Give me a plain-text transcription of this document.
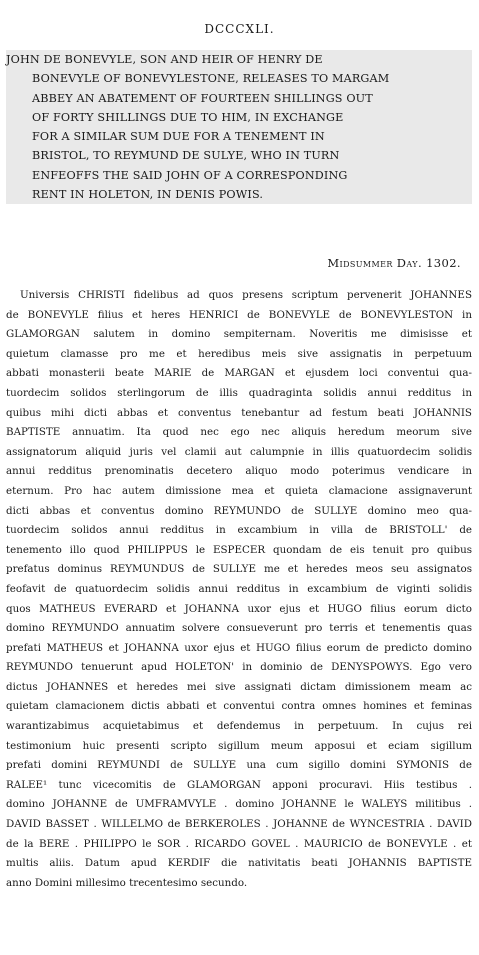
DCCCXLI.
JOHN DE BONEVYLE, SON AND HEIR OF HENRY DE
BONEVYLE OF BONEVYLESTONE, RELEASES TO MARGAM
ABBEY AN ABATEMENT OF FOURTEEN SHILLINGS OUT
OF FORTY SHILLINGS DUE TO HIM, IN EXCHANGE
FOR A SIMILAR SUM DUE FOR A TENEMENT IN
BRISTOL, TO REYMUND DE SULYE, WHO IN TURN
ENFEOFFS THE SAID JOHN OF A CORRESPONDING
RENT IN HOLETON, IN DENIS POWIS.
Midsummer Day. 1302.
Universis CHRISTI fidelibus ad quos presens scriptum pervenerit JOHANNES
de BONEVYLE filius et heres HENRICI de BONEVYLE de BONEVYLESTON in
GLAMORGAN salutem in domino sempiternam. Noveritis me dimisisse et
quietum clamasse pro me et heredibus meis sive assignatis in perpetuum
abbati monasterii beate MARIE de MARGAN et ejusdem loci conventui qua-
tuordecim solidos sterlingorum de illis quadraginta solidis annui redditus in
quibus mihi dicti abbas et conventus tenebantur ad festum beati JOHANNIS
BAPTISTE annuatim. Ita quod nec ego nec aliquis heredum meorum sive
assignatorum aliquid juris vel clamii aut calumpnie in illis quatuordecim solidis
annui redditus prenominatis decetero aliquo modo poterimus vendicare in
eternum. Pro hac autem dimissione mea et quieta clamacione assignaverunt
dicti abbas et conventus domino REYMUNDO de SULLYE domino meo qua-
tuordecim solidos annui redditus in excambium in villa de BRISTOLL' de
tenemento illo quod PHILIPPUS le ESPECER quondam de eis tenuit pro quibus
prefatus dominus REYMUNDUS de SULLYE me et heredes meos seu assignatos
feofavit de quatuordecim solidis annui redditus in excambium de viginti solidis
quos MATHEUS EVERARD et JOHANNA uxor ejus et HUGO filius eorum dicto
domino REYMUNDO annuatim solvere consueverunt pro terris et tenementis quas
prefati MATHEUS et JOHANNA uxor ejus et HUGO filius eorum de predicto domino
REYMUNDO tenuerunt apud HOLETON' in dominio de DENYSPOWYS. Ego vero
dictus JOHANNES et heredes mei sive assignati dictam dimissionem meam ac
quietam clamacionem dictis abbati et conventui contra omnes homines et feminas
warantizabimus acquietabimus et defendemus in perpetuum. In cujus rei
testimonium huic presenti scripto sigillum meum apposui et eciam sigillum
prefati domini REYMUNDI de SULLYE una cum sigillo domini SYMONIS de
RALEE¹ tunc vicecomitis de GLAMORGAN apponi procuravi. Hiis testibus .
domino JOHANNE de UMFRAMVYLE . domino JOHANNE le WALEYS militibus .
DAVID BASSET . WILLELMO de BERKEROLES . JOHANNE de WYNCESTRIA . DAVID
de la BERE . PHILIPPO le SOR . RICARDO GOVEL . MAURICIO de BONEVYLE . et
multis aliis. Datum apud KERDIF die nativitatis beati JOHANNIS BAPTISTE
anno Domini millesimo trecentesimo secundo.
